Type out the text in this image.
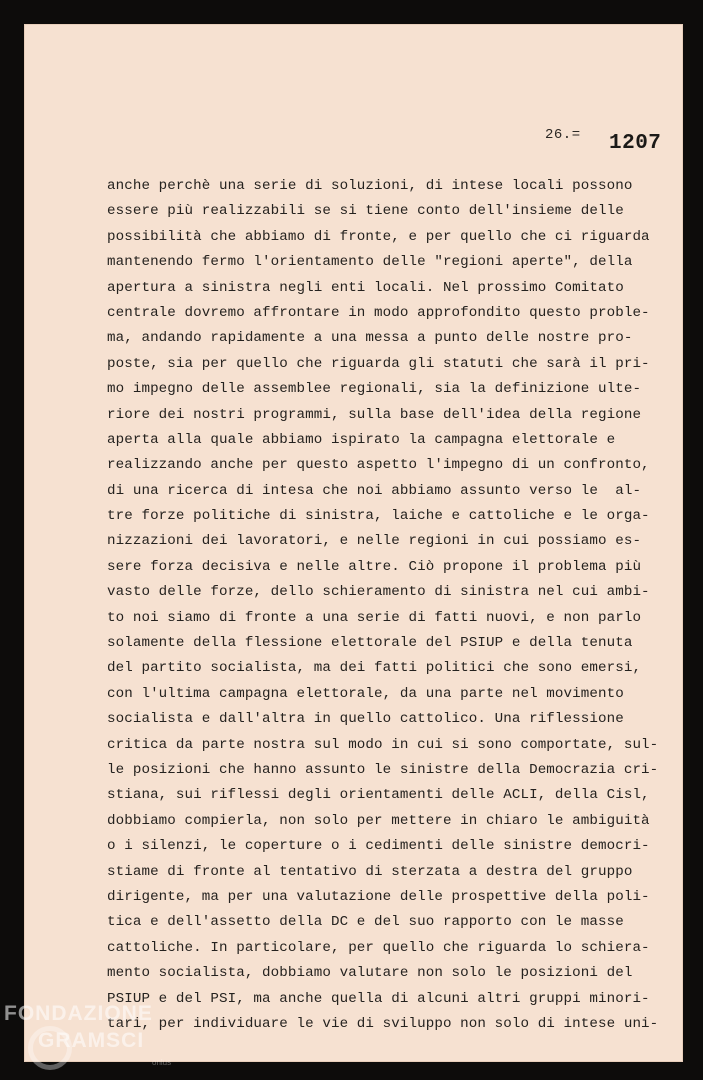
26.= 1207
anche perchè una serie di soluzioni, di intese locali possono
essere più realizzabili se si tiene conto dell'insieme delle
possibilità che abbiamo di fronte, e per quello che ci riguarda
mantenendo fermo l'orientamento delle "regioni aperte", della
apertura a sinistra negli enti locali. Nel prossimo Comitato
centrale dovremo affrontare in modo approfondito questo proble-
ma, andando rapidamente a una messa a punto delle nostre pro-
poste, sia per quello che riguarda gli statuti che sarà il pri-
mo impegno delle assemblee regionali, sia la definizione ulte-
riore dei nostri programmi, sulla base dell'idea della regione
aperta alla quale abbiamo ispirato la campagna elettorale e
realizzando anche per questo aspetto l'impegno di un confronto,
di una ricerca di intesa che noi abbiamo assunto verso le  al-
tre forze politiche di sinistra, laiche e cattoliche e le orga-
nizzazioni dei lavoratori, e nelle regioni in cui possiamo es-
sere forza decisiva e nelle altre. Ciò propone il problema più
vasto delle forze, dello schieramento di sinistra nel cui ambi-
to noi siamo di fronte a una serie di fatti nuovi, e non parlo
solamente della flessione elettorale del PSIUP e della tenuta
del partito socialista, ma dei fatti politici che sono emersi,
con l'ultima campagna elettorale, da una parte nel movimento
socialista e dall'altra in quello cattolico. Una riflessione
critica da parte nostra sul modo in cui si sono comportate, sul-
le posizioni che hanno assunto le sinistre della Democrazia cri-
stiana, sui riflessi degli orientamenti delle ACLI, della Cisl,
dobbiamo compierla, non solo per mettere in chiaro le ambiguità
o i silenzi, le coperture o i cedimenti delle sinistre democri-
stiame di fronte al tentativo di sterzata a destra del gruppo
dirigente, ma per una valutazione delle prospettive della poli-
tica e dell'assetto della DC e del suo rapporto con le masse
cattoliche. In particolare, per quello che riguarda lo schiera-
mento socialista, dobbiamo valutare non solo le posizioni del
PSIUP e del PSI, ma anche quella di alcuni altri gruppi minori-
tari, per individuare le vie di sviluppo non solo di intese uni-
FONDAZIONE
GRAMSCI
onlus
